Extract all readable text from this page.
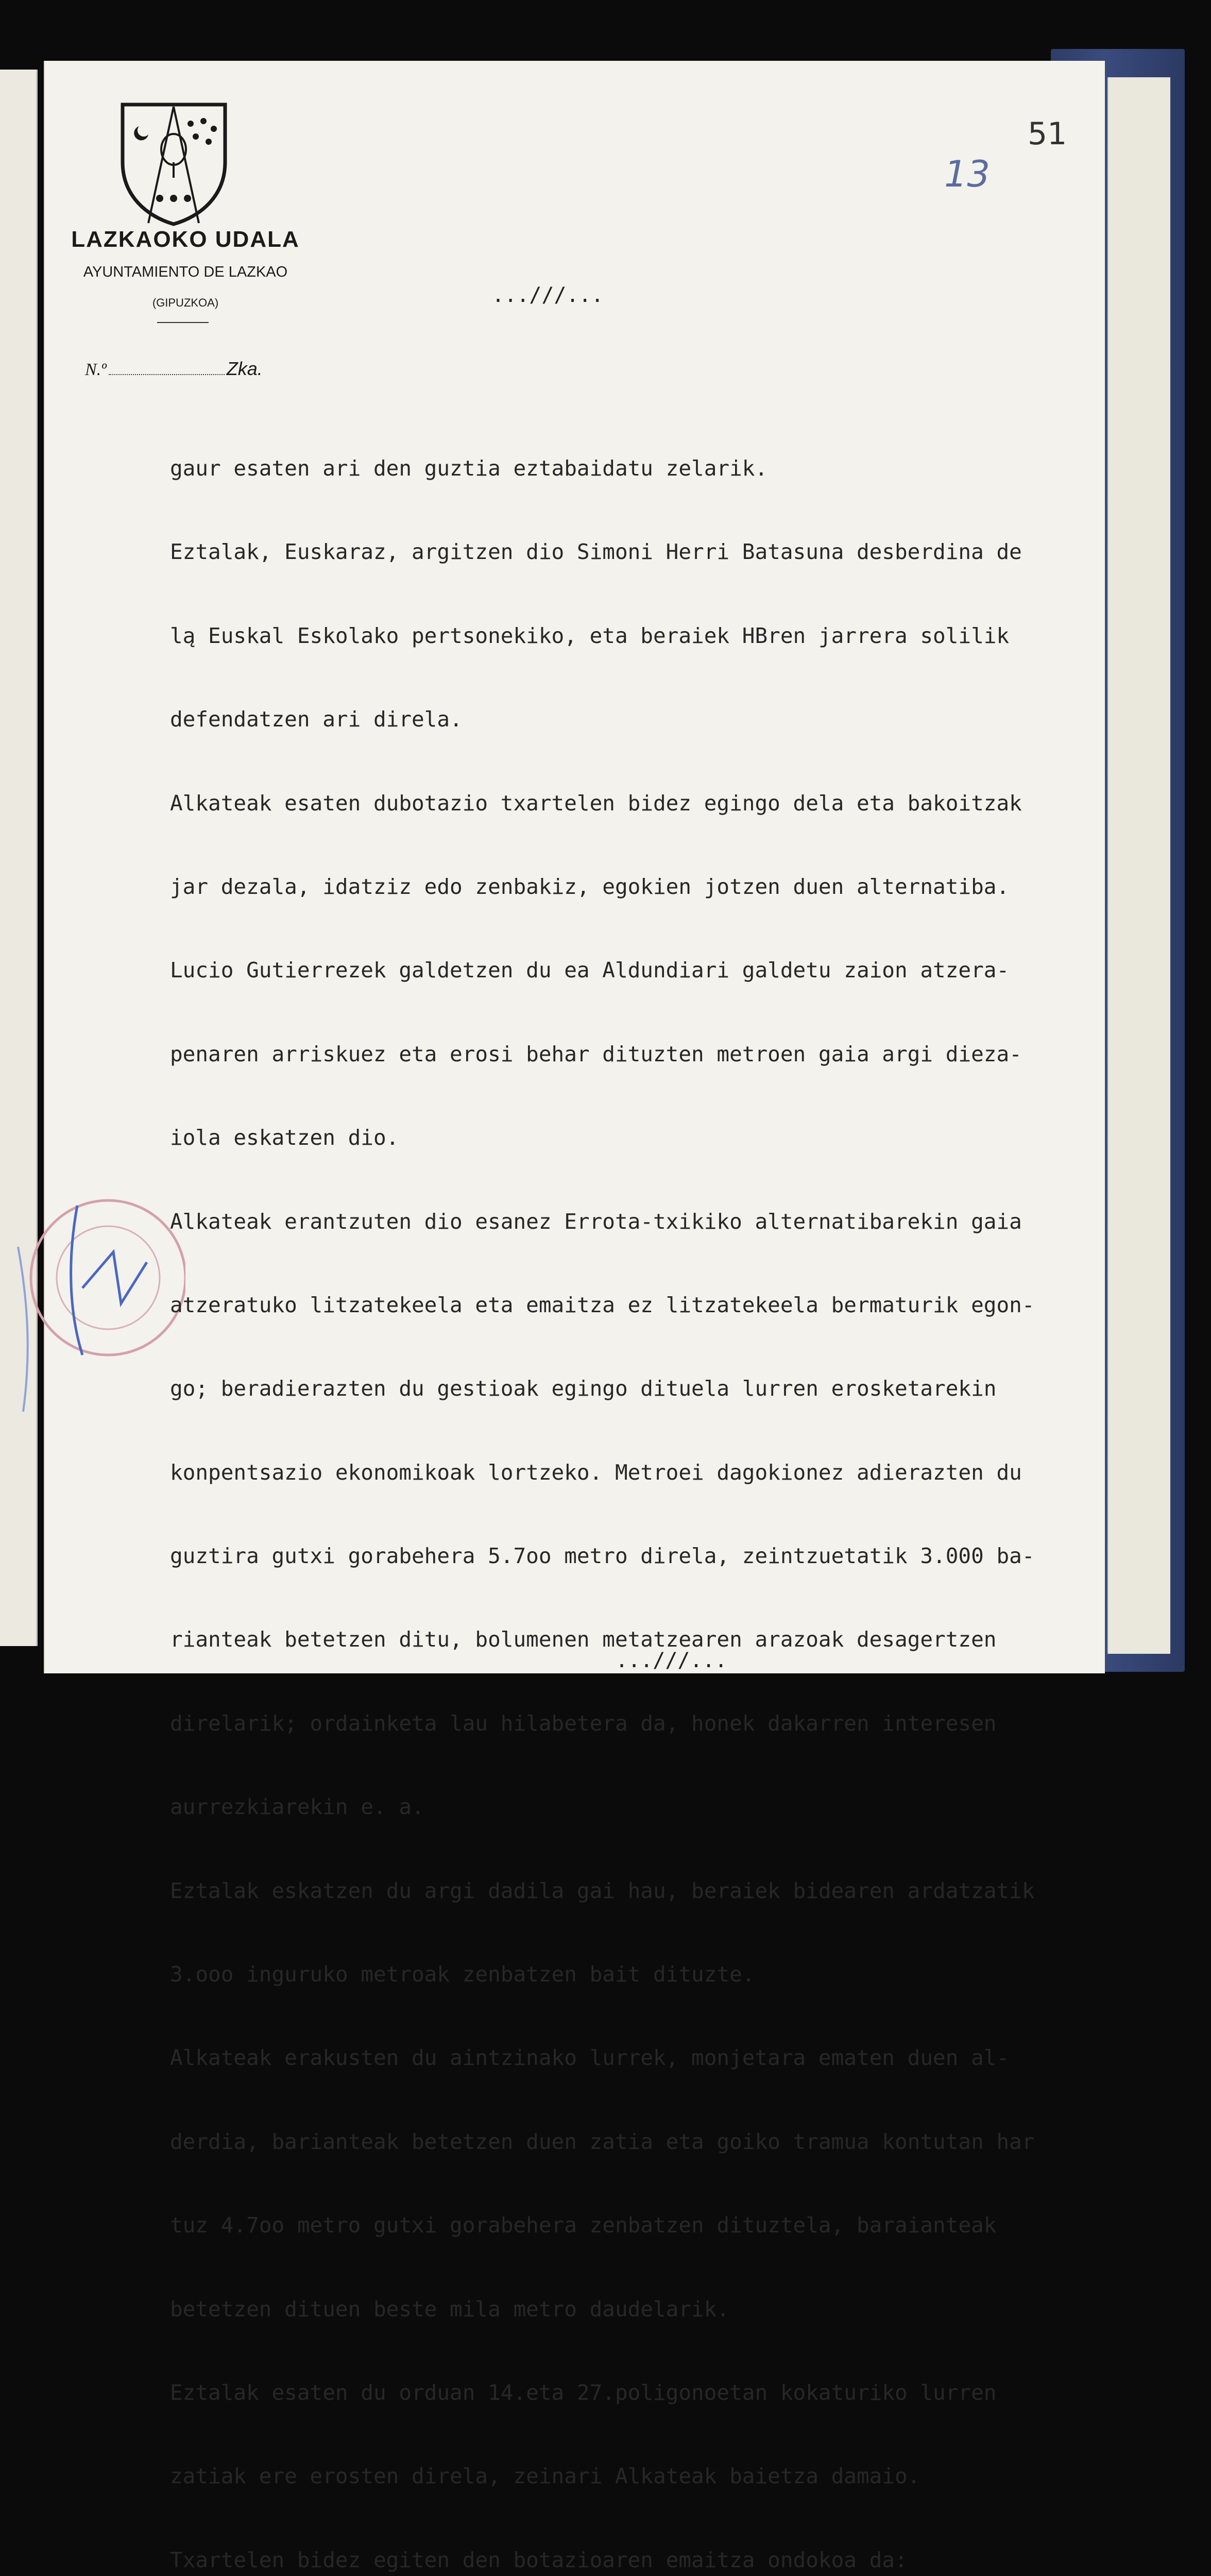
LAZKAOKO UDALA
AYUNTAMIENTO DE LAZKAO
(GIPUZKOA)
N.º	Zka.
51
13
...///...

gaur esaten ari den guztia eztabaidatu zelarik.

Eztalak, Euskaraz, argitzen dio Simoni Herri Batasuna desberdina de

lą Euskal Eskolako pertsonekiko, eta beraiek HBren jarrera solilik

defendatzen ari direla.

Alkateak esaten dubotazio txartelen bidez egingo dela eta bakoitzak

jar dezala, idatziz edo zenbakiz, egokien jotzen duen alternatiba.

Lucio Gutierrezek galdetzen du ea Aldundiari galdetu zaion atzera-

penaren arriskuez eta erosi behar dituzten metroen gaia argi dieza-

iola eskatzen dio.

Alkateak erantzuten dio esanez Errota-txikiko alternatibarekin gaia

atzeratuko litzatekeela eta emaitza ez litzatekeela bermaturik egon-

go; beradierazten du gestioak egingo dituela lurren erosketarekin

konpentsazio ekonomikoak lortzeko. Metroei dagokionez adierazten du

guztira gutxi gorabehera 5.7oo metro direla, zeintzuetatik 3.000 ba-

rianteak betetzen ditu, bolumenen metatzearen arazoak desagertzen

direlarik; ordainketa lau hilabetera da, honek dakarren interesen

aurrezkiarekin e. a.

Eztalak eskatzen du argi dadila gai hau, beraiek bidearen ardatzatik

3.ooo inguruko metroak zenbatzen bait dituzte.

Alkateak erakusten du aintzinako lurrek, monjetara ematen duen al-

derdia, barianteak betetzen duen zatia eta goiko tramua kontutan har

tuz 4.7oo metro gutxi gorabehera zenbatzen dituztela, baraianteak

betetzen dituen beste mila metro daudelarik.

Eztalak esaten du orduan 14.eta 27.poligonoetan kokaturiko lurren

zatiak ere erosten direla, zeinari Alkateak baietza damaio.

Txartelen bidez egiten den botazioaren emaitza ondokoa da:

...///...
